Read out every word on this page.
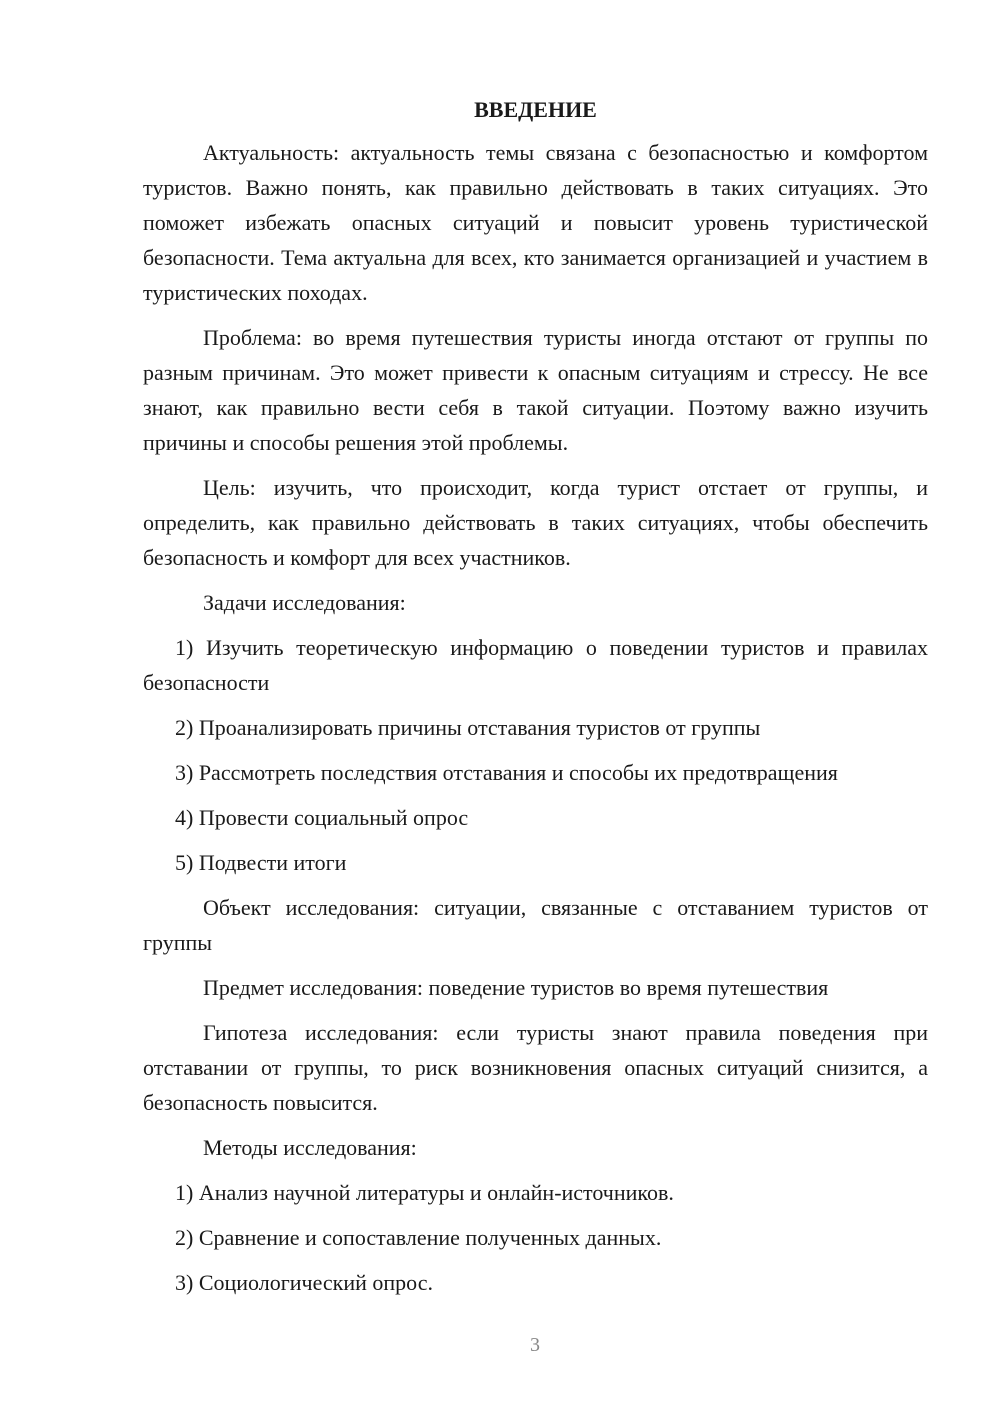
ВВЕДЕНИЕ

Актуальность: актуальность темы связана с безопасностью и комфортом туристов. Важно понять, как правильно действовать в таких ситуациях. Это поможет избежать опасных ситуаций и повысит уровень туристической безопасности. Тема актуальна для всех, кто занимается организацией и участием в туристических походах.

Проблема: во время путешествия туристы иногда отстают от группы по разным причинам. Это может привести к опасным ситуациям и стрессу. Не все знают, как правильно вести себя в такой ситуации. Поэтому важно изучить причины и способы решения этой проблемы.

Цель: изучить, что происходит, когда турист отстает от группы, и определить, как правильно действовать в таких ситуациях, чтобы обеспечить безопасность и комфорт для всех участников.

Задачи исследования:

1) Изучить теоретическую информацию о поведении туристов и правилах безопасности

2) Проанализировать причины отставания туристов от группы

3) Рассмотреть последствия отставания и способы их предотвращения

4) Провести социальный опрос

5) Подвести итоги

Объект исследования: ситуации, связанные с отставанием туристов от группы

Предмет исследования: поведение туристов во время путешествия

Гипотеза исследования: если туристы знают правила поведения при отставании от группы, то риск возникновения опасных ситуаций снизится, а безопасность повысится.

Методы исследования:

1) Анализ научной литературы и онлайн-источников.

2) Сравнение и сопоставление полученных данных.

3) Социологический опрос.

3
